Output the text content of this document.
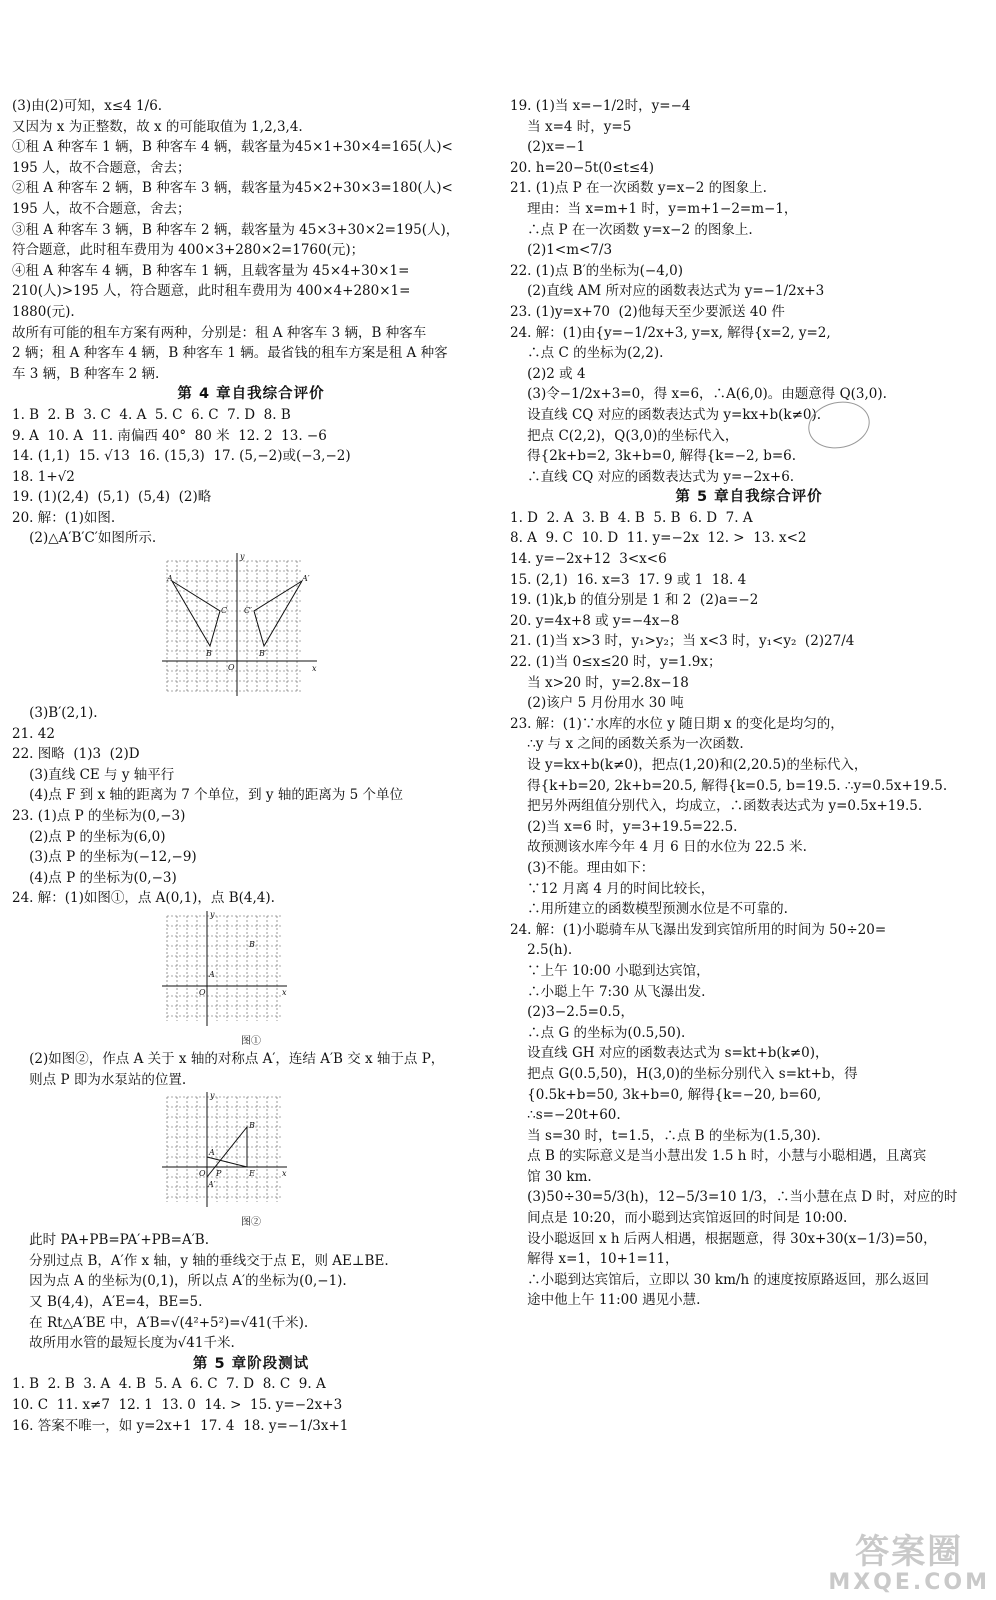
(3)由(2)可知，x≤4 1/6.
又因为 x 为正整数，故 x 的可能取值为 1,2,3,4.
①租 A 种客车 1 辆，B 种客车 4 辆，载客量为45×1+30×4=165(人)<
195 人，故不合题意，舍去；
②租 A 种客车 2 辆，B 种客车 3 辆，载客量为45×2+30×3=180(人)<
195 人，故不合题意，舍去；
③租 A 种客车 3 辆，B 种客车 2 辆，载客量为 45×3+30×2=195(人)，
符合题意，此时租车费用为 400×3+280×2=1760(元)；
④租 A 种客车 4 辆，B 种客车 1 辆，且载客量为 45×4+30×1=
210(人)>195 人，符合题意，此时租车费用为 400×4+280×1=
1880(元).
故所有可能的租车方案有两种，分别是：租 A 种客车 3 辆，B 种客车
2 辆；租 A 种客车 4 辆，B 种客车 1 辆。最省钱的租车方案是租 A 种客
车 3 辆，B 种客车 2 辆.
第 4 章自我综合评价
1. B  2. B  3. C  4. A  5. C  6. C  7. D  8. B
9. A  10. A  11. 南偏西 40°  80 米  12. 2  13. −6
14. (1,1)  15. √13  16. (15,3)  17. (5,−2)或(−3,−2)
18. 1+√2
19. (1)(2,4)  (5,1)  (5,4)  (2)略
20. 解：(1)如图.
(2)△A′B′C′如图所示.
y
x
O
A
C
B
C′
B′
A′
(3)B′(2,1).
21. 42
22. 图略  (1)3  (2)D
(3)直线 CE 与 y 轴平行
(4)点 F 到 x 轴的距离为 7 个单位，到 y 轴的距离为 5 个单位
23. (1)点 P 的坐标为(0,−3)
(2)点 P 的坐标为(6,0)
(3)点 P 的坐标为(−12,−9)
(4)点 P 的坐标为(0,−3)
24. 解：(1)如图①，点 A(0,1)，点 B(4,4).
O
A
B
x
y
图①
(2)如图②，作点 A 关于 x 轴的对称点 A′，连结 A′B 交 x 轴于点 P，
则点 P 即为水泵站的位置.
O
A
B
P
A′
E	x
y
图②
此时 PA+PB=PA′+PB=A′B.
分别过点 B，A′作 x 轴，y 轴的垂线交于点 E，则 AE⊥BE.
因为点 A 的坐标为(0,1)，所以点 A′的坐标为(0,−1).
又 B(4,4)，A′E=4，BE=5.
在 Rt△A′BE 中，A′B=√(4²+5²)=√41(千米).
故所用水管的最短长度为√41千米.
第 5 章阶段测试
1. B  2. B  3. A  4. B  5. A  6. C  7. D  8. C  9. A
10. C  11. x≠7  12. 1  13. 0  14. >  15. y=−2x+3
16. 答案不唯一，如 y=2x+1  17. 4  18. y=−1/3x+1
19. (1)当 x=−1/2时，y=−4
当 x=4 时，y=5
(2)x=−1
20. h=20−5t(0≤t≤4)
21. (1)点 P 在一次函数 y=x−2 的图象上.
理由：当 x=m+1 时，y=m+1−2=m−1，
∴点 P 在一次函数 y=x−2 的图象上.
(2)1<m<7/3
22. (1)点 B′的坐标为(−4,0)
(2)直线 AM 所对应的函数表达式为 y=−1/2x+3
23. (1)y=x+70  (2)他每天至少要派送 40 件
24. 解：(1)由{y=−1/2x+3, y=x, 解得{x=2, y=2,
∴点 C 的坐标为(2,2).
(2)2 或 4
(3)令−1/2x+3=0，得 x=6，∴A(6,0)。由题意得 Q(3,0).
设直线 CQ 对应的函数表达式为 y=kx+b(k≠0).
把点 C(2,2)，Q(3,0)的坐标代入，
得{2k+b=2, 3k+b=0, 解得{k=−2, b=6.
∴直线 CQ 对应的函数表达式为 y=−2x+6.
第 5 章自我综合评价
1. D  2. A  3. B  4. B  5. B  6. D  7. A
8. A  9. C  10. D  11. y=−2x  12. >  13. x<2
14. y=−2x+12  3<x<6
15. (2,1)  16. x=3  17. 9 或 1  18. 4
19. (1)k,b 的值分别是 1 和 2  (2)a=−2
20. y=4x+8 或 y=−4x−8
21. (1)当 x>3 时，y₁>y₂；当 x<3 时，y₁<y₂  (2)27/4
22. (1)当 0≤x≤20 时，y=1.9x；
当 x>20 时，y=2.8x−18
(2)该户 5 月份用水 30 吨
23. 解：(1)∵水库的水位 y 随日期 x 的变化是均匀的，
∴y 与 x 之间的函数关系为一次函数.
设 y=kx+b(k≠0)，把点(1,20)和(2,20.5)的坐标代入，
得{k+b=20, 2k+b=20.5, 解得{k=0.5, b=19.5. ∴y=0.5x+19.5.
把另外两组值分别代入，均成立，∴函数表达式为 y=0.5x+19.5.
(2)当 x=6 时，y=3+19.5=22.5.
故预测该水库今年 4 月 6 日的水位为 22.5 米.
(3)不能。理由如下：
∵12 月离 4 月的时间比较长，
∴用所建立的函数模型预测水位是不可靠的.
24. 解：(1)小聪骑车从飞瀑出发到宾馆所用的时间为 50÷20=
2.5(h).
∵上午 10:00 小聪到达宾馆，
∴小聪上午 7:30 从飞瀑出发.
(2)3−2.5=0.5，
∴点 G 的坐标为(0.5,50).
设直线 GH 对应的函数表达式为 s=kt+b(k≠0)，
把点 G(0.5,50)，H(3,0)的坐标分别代入 s=kt+b，得
{0.5k+b=50, 3k+b=0, 解得{k=−20, b=60,
∴s=−20t+60.
当 s=30 时，t=1.5，∴点 B 的坐标为(1.5,30).
点 B 的实际意义是当小慧出发 1.5 h 时，小慧与小聪相遇，且离宾
馆 30 km.
(3)50÷30=5/3(h)，12−5/3=10 1/3，∴当小慧在点 D 时，对应的时
间点是 10:20，而小聪到达宾馆返回的时间是 10:00.
设小聪返回 x h 后两人相遇，根据题意，得 30x+30(x−1/3)=50，
解得 x=1，10+1=11，
∴小聪到达宾馆后，立即以 30 km/h 的速度按原路返回，那么返回
途中他上午 11:00 遇见小慧.
答案圈
MXQE.COM
